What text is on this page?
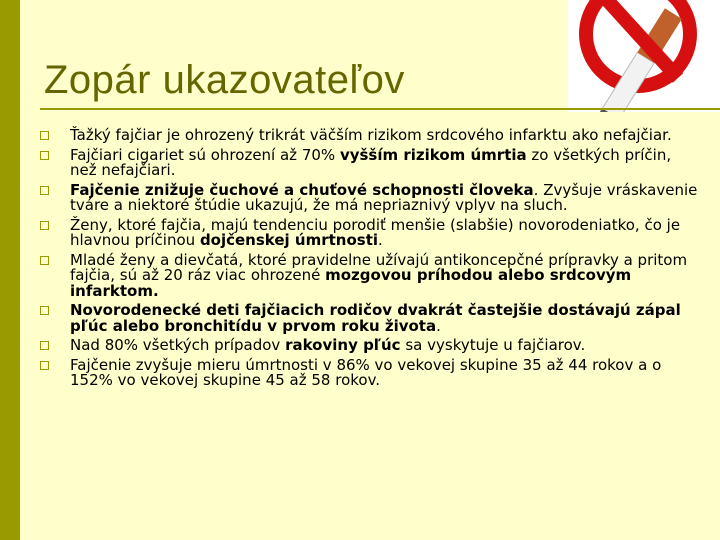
Zopár ukazovateľov
Ťažký fajčiar je ohrozený trikrát väčším rizikom srdcového infarktu ako nefajčiar.
Fajčiari cigariet sú ohrození až 70% vyšším rizikom úmrtia zo všetkých príčin, než nefajčiari.
Fajčenie znižuje čuchové a chuťové schopnosti človeka. Zvyšuje vráskavenie tváre a niektoré štúdie ukazujú, že má nepriaznivý vplyv na sluch.
Ženy, ktoré fajčia, majú tendenciu porodiť menšie (slabšie) novorodeniatko, čo je hlavnou príčinou dojčenskej úmrtnosti.
Mladé ženy a dievčatá, ktoré pravidelne užívajú antikoncepčné prípravky a pritom fajčia, sú až 20 ráz viac ohrozené mozgovou príhodou alebo srdcovým infarktom.
Novorodenecké deti fajčiacich rodičov dvakrát častejšie dostávajú zápal pľúc alebo bronchitídu v prvom roku života.
Nad 80% všetkých prípadov rakoviny pľúc sa vyskytuje u fajčiarov.
Fajčenie zvyšuje mieru úmrtnosti v 86% vo vekovej skupine 35 až 44 rokov a o 152% vo vekovej skupine 45 až 58 rokov.
